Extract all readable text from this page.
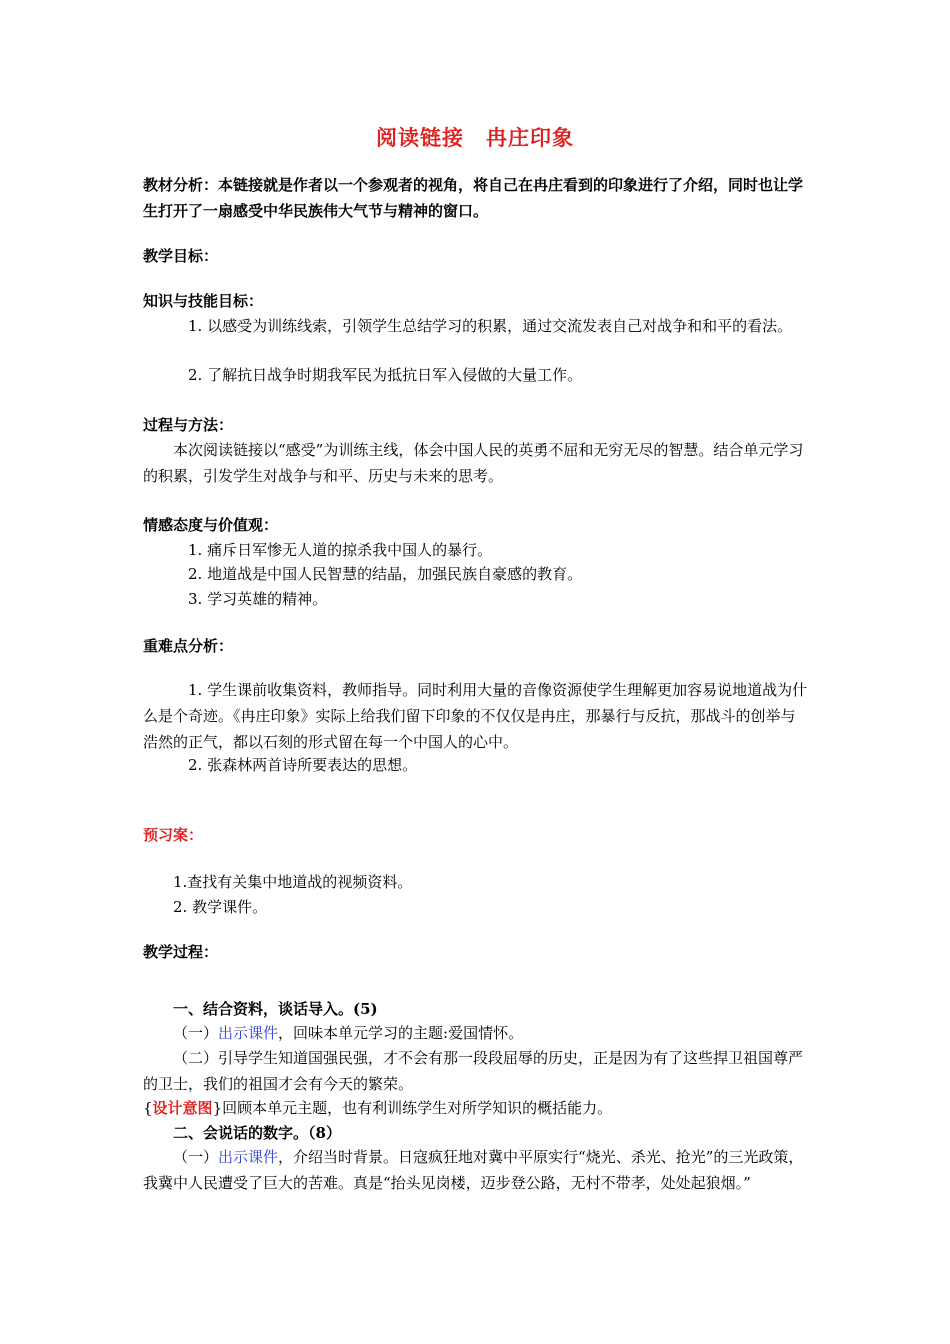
阅读链接　冉庄印象

教材分析：本链接就是作者以一个参观者的视角，将自己在冉庄看到的印象进行了介绍，同时也让学生打开了一扇感受中华民族伟大气节与精神的窗口。

教学目标：

知识与技能目标：

1. 以感受为训练线索，引领学生总结学习的积累，通过交流发表自己对战争和和平的看法。

2. 了解抗日战争时期我军民为抵抗日军入侵做的大量工作。

过程与方法：

本次阅读链接以“感受”为训练主线，体会中国人民的英勇不屈和无穷无尽的智慧。结合单元学习的积累，引发学生对战争与和平、历史与未来的思考。

情感态度与价值观：

1. 痛斥日军惨无人道的掠杀我中国人的暴行。

2. 地道战是中国人民智慧的结晶，加强民族自豪感的教育。

3. 学习英雄的精神。

重难点分析：

1. 学生课前收集资料，教师指导。同时利用大量的音像资源使学生理解更加容易说地道战为什么是个奇迹。《冉庄印象》实际上给我们留下印象的不仅仅是冉庄，那暴行与反抗，那战斗的创举与浩然的正气，都以石刻的形式留在每一个中国人的心中。

2. 张森林两首诗所要表达的思想。

预习案：

1.查找有关集中地道战的视频资料。

2. 教学课件。

教学过程：

一、结合资料，谈话导入。(5)

（一）出示课件，回味本单元学习的主题:爱国情怀。

（二）引导学生知道国强民强，才不会有那一段段屈辱的历史，正是因为有了这些捍卫祖国尊严的卫士，我们的祖国才会有今天的繁荣。

{设计意图}回顾本单元主题，也有利训练学生对所学知识的概括能力。

二、会说话的数字。（8）

（一）出示课件，介绍当时背景。日寇疯狂地对冀中平原实行“烧光、杀光、抢光”的三光政策，我冀中人民遭受了巨大的苦难。真是“抬头见岗楼，迈步登公路，无村不带孝，处处起狼烟。”
